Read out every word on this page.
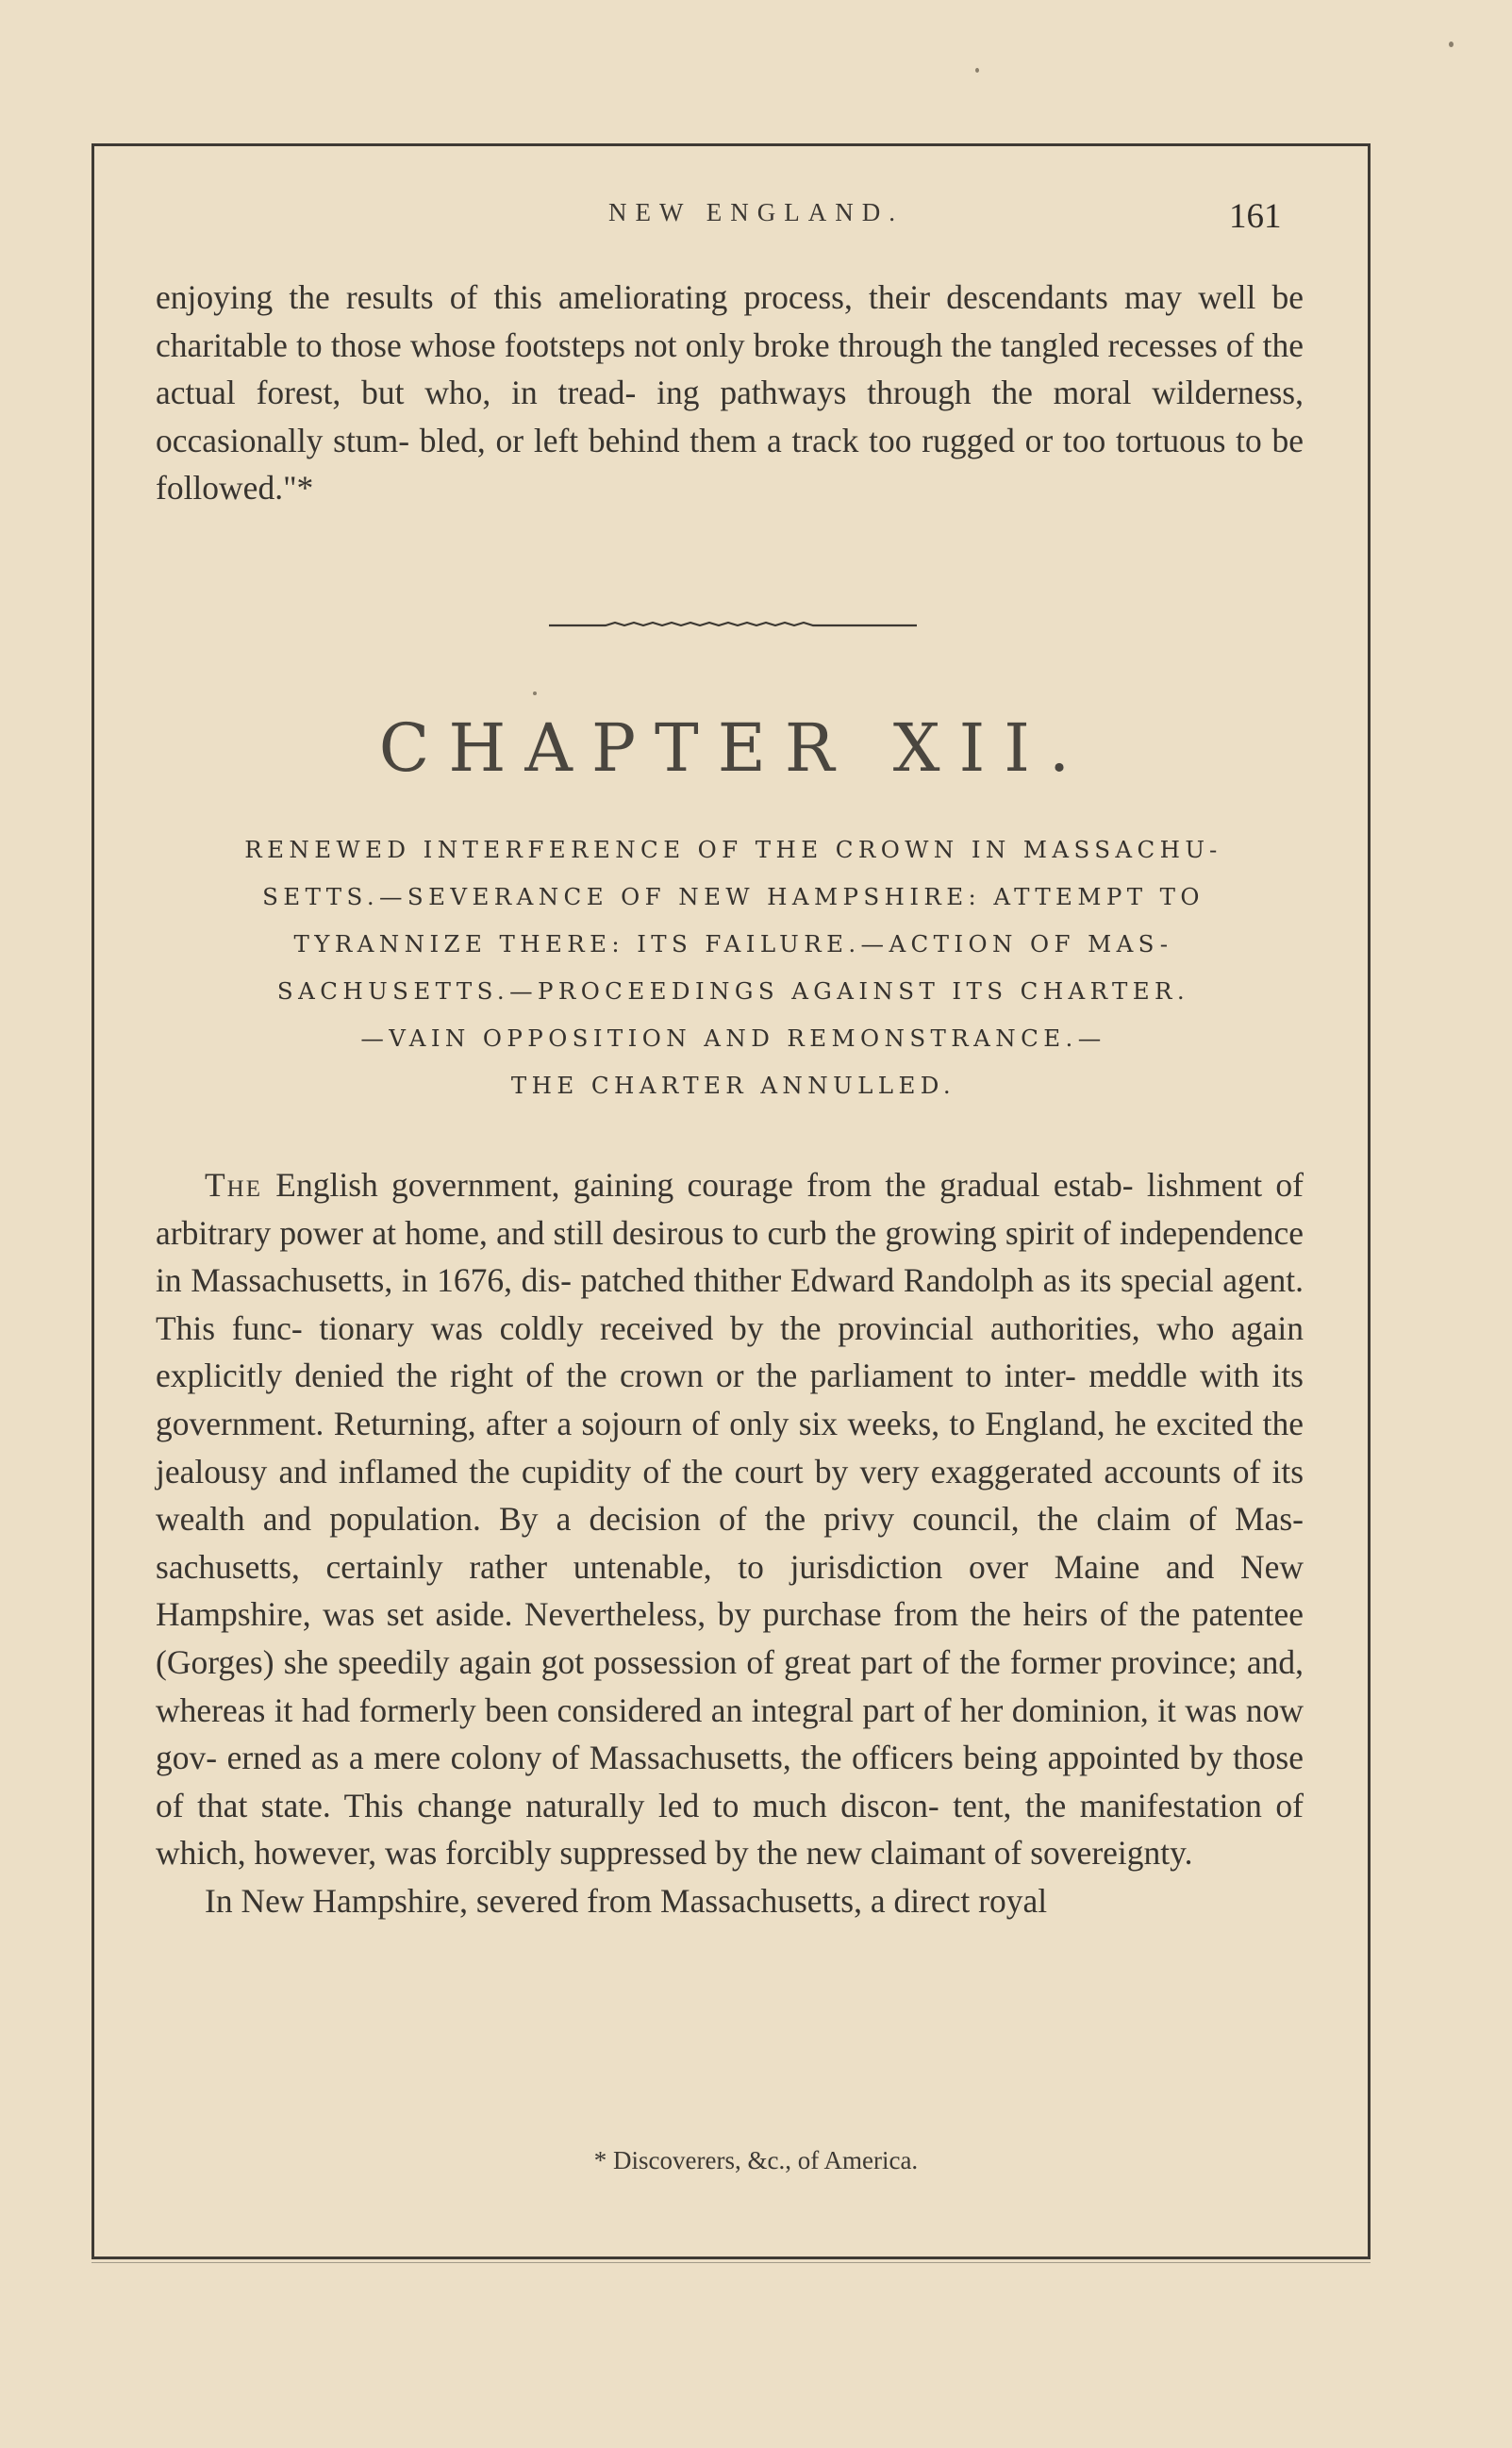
NEW ENGLAND.	161

enjoying the results of this ameliorating process, their descendants may well be charitable to those whose footsteps not only broke through the tangled recesses of the actual forest, but who, in tread- ing pathways through the moral wilderness, occasionally stum- bled, or left behind them a track too rugged or too tortuous to be followed."*

CHAPTER XII.
RENEWED INTERFERENCE OF THE CROWN IN MASSACHU-
SETTS.—SEVERANCE OF NEW HAMPSHIRE: ATTEMPT TO
TYRANNIZE THERE: ITS FAILURE.—ACTION OF MAS-
SACHUSETTS.—PROCEEDINGS AGAINST ITS CHARTER.
—VAIN OPPOSITION AND REMONSTRANCE.—
THE CHARTER ANNULLED.

The English government, gaining courage from the gradual estab- lishment of arbitrary power at home, and still desirous to curb the growing spirit of independence in Massachusetts, in 1676, dis- patched thither Edward Randolph as its special agent. This func- tionary was coldly received by the provincial authorities, who again explicitly denied the right of the crown or the parliament to inter- meddle with its government. Returning, after a sojourn of only six weeks, to England, he excited the jealousy and inflamed the cupidity of the court by very exaggerated accounts of its wealth and population. By a decision of the privy council, the claim of Mas- sachusetts, certainly rather untenable, to jurisdiction over Maine and New Hampshire, was set aside. Nevertheless, by purchase from the heirs of the patentee (Gorges) she speedily again got possession of great part of the former province; and, whereas it had formerly been considered an integral part of her dominion, it was now gov- erned as a mere colony of Massachusetts, the officers being appointed by those of that state. This change naturally led to much discon- tent, the manifestation of which, however, was forcibly suppressed by the new claimant of sovereignty.

In New Hampshire, severed from Massachusetts, a direct royal

* Discoverers, &c., of America.
